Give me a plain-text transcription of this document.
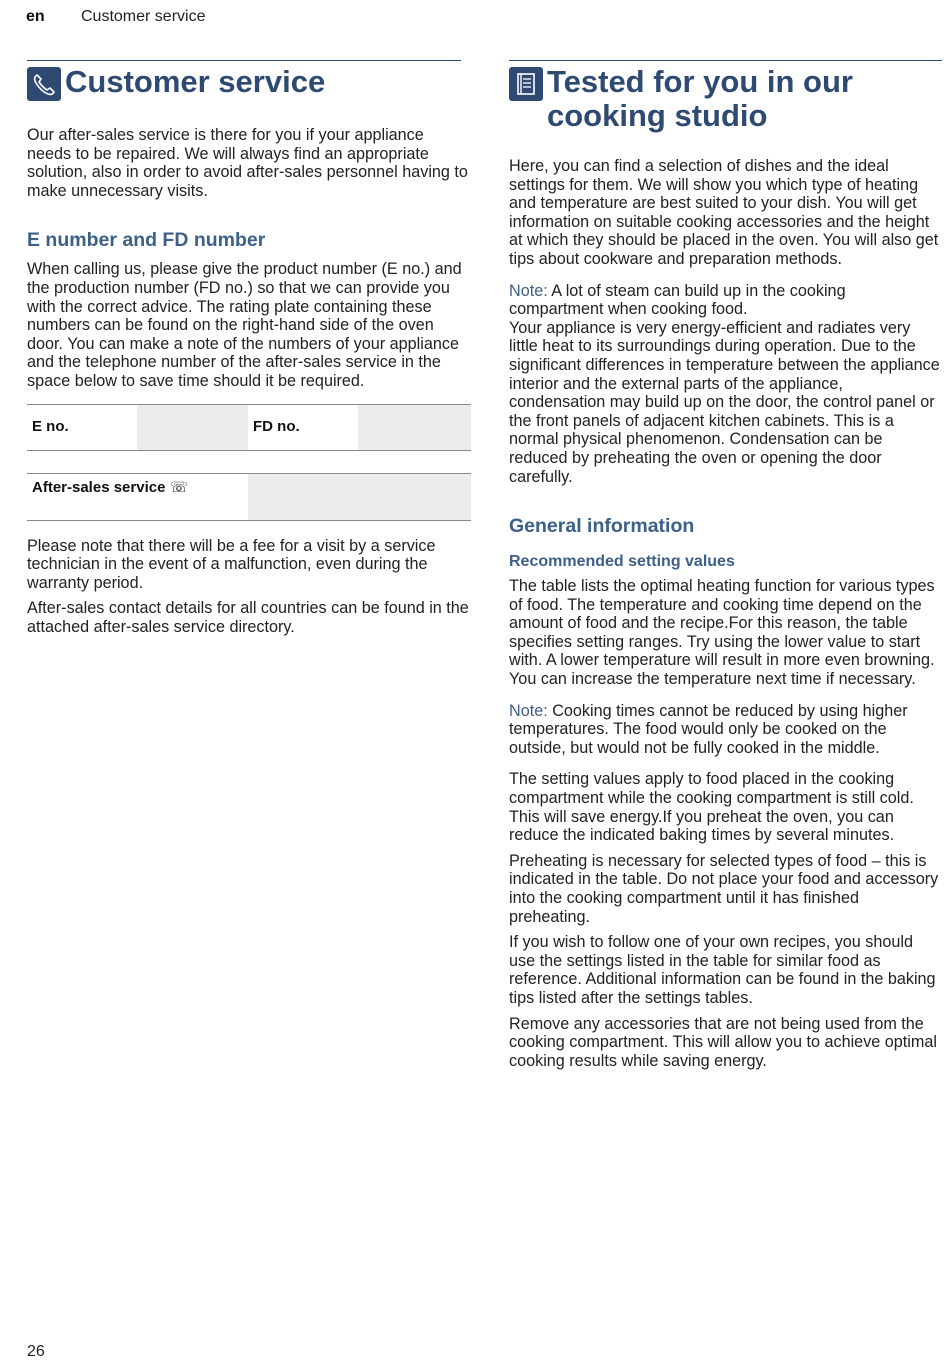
en Customer service
Customer service

Our after-sales service is there for you if your appliance needs to be repaired. We will always find an appropriate solution, also in order to avoid after-sales personnel having to make unnecessary visits.

E number and FD number

When calling us, please give the product number (E no.) and the production number (FD no.) so that we can provide you with the correct advice. The rating plate containing these numbers can be found on the right-hand side of the oven door. You can make a note of the numbers of your appliance and the telephone number of the after-sales service in the space below to save time should it be required.

E no.		FD no.	

After-sales service ☏			

Please note that there will be a fee for a visit by a service technician in the event of a malfunction, even during the warranty period.

After-sales contact details for all countries can be found in the attached after-sales service directory.

Tested for you in our
cooking studio

Here, you can find a selection of dishes and the ideal settings for them. We will show you which type of heating and temperature are best suited to your dish. You will get information on suitable cooking accessories and the height at which they should be placed in the oven. You will also get tips about cookware and preparation methods.

Note: A lot of steam can build up in the cooking compartment when cooking food.

Your appliance is very energy-efficient and radiates very little heat to its surroundings during operation. Due to the significant differences in temperature between the appliance interior and the external parts of the appliance, condensation may build up on the door, the control panel or the front panels of adjacent kitchen cabinets. This is a normal physical phenomenon. Condensation can be reduced by preheating the oven or opening the door carefully.

General information
Recommended setting values

The table lists the optimal heating function for various types of food. The temperature and cooking time depend on the amount of food and the recipe.For this reason, the table specifies setting ranges. Try using the lower value to start with. A lower temperature will result in more even browning. You can increase the temperature next time if necessary.

Note: Cooking times cannot be reduced by using higher temperatures. The food would only be cooked on the outside, but would not be fully cooked in the middle.

The setting values apply to food placed in the cooking compartment while the cooking compartment is still cold. This will save energy.If you preheat the oven, you can reduce the indicated baking times by several minutes.

Preheating is necessary for selected types of food – this is indicated in the table. Do not place your food and accessory into the cooking compartment until it has finished preheating.

If you wish to follow one of your own recipes, you should use the settings listed in the table for similar food as reference. Additional information can be found in the baking tips listed after the settings tables.

Remove any accessories that are not being used from the cooking compartment. This will allow you to achieve optimal cooking results while saving energy.

26
